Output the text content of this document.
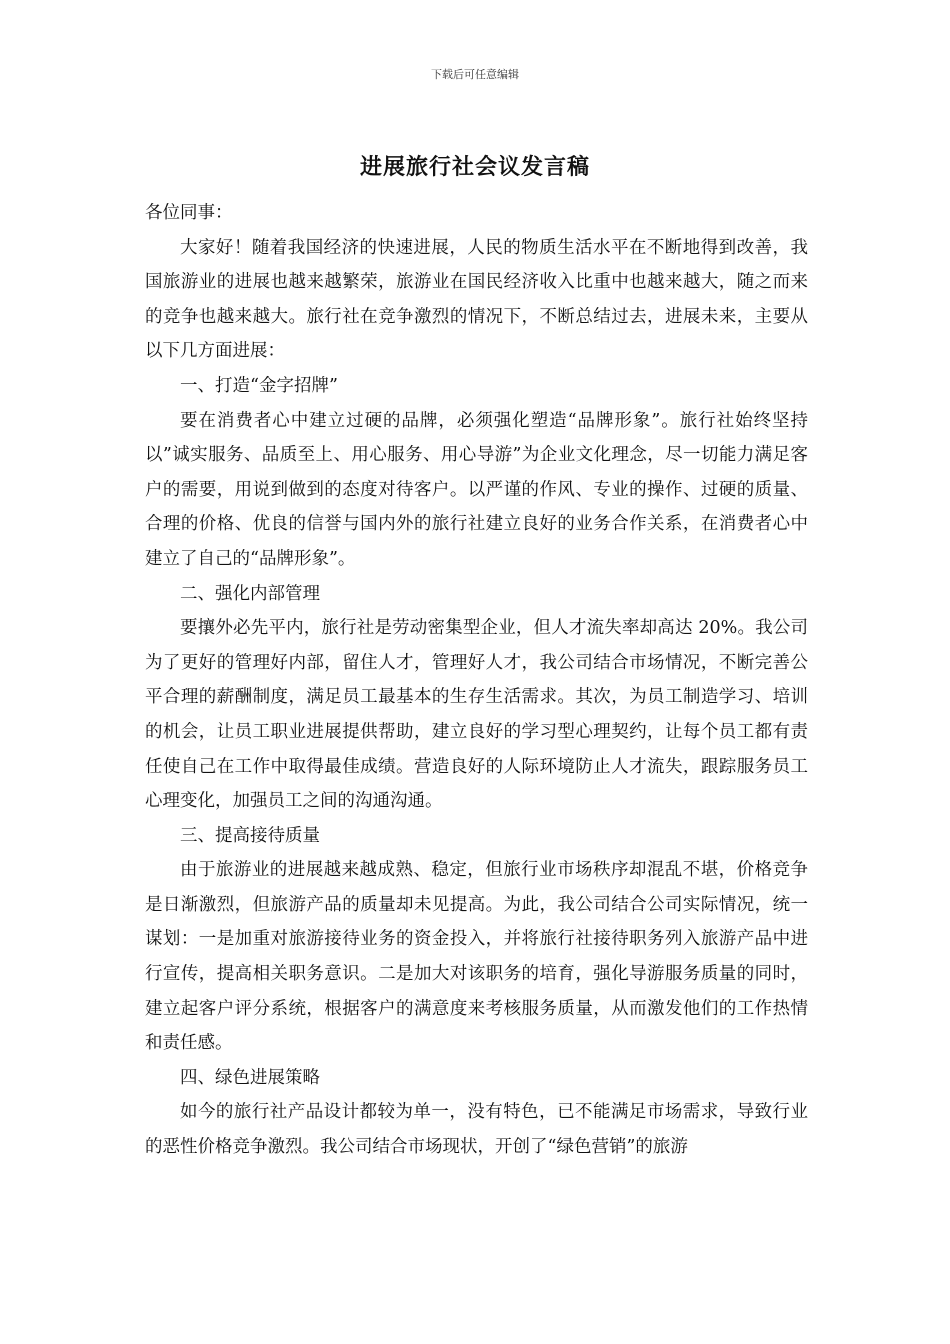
下载后可任意编辑
进展旅行社会议发言稿

各位同事：

大家好！随着我国经济的快速进展，人民的物质生活水平在不断地得到改善，我国旅游业的进展也越来越繁荣，旅游业在国民经济收入比重中也越来越大，随之而来的竞争也越来越大。旅行社在竞争激烈的情况下，不断总结过去，进展未来，主要从以下几方面进展：

一、打造“金字招牌”

要在消费者心中建立过硬的品牌，必须强化塑造“品牌形象”。旅行社始终坚持以”诚实服务、品质至上、用心服务、用心导游”为企业文化理念，尽一切能力满足客户的需要，用说到做到的态度对待客户。以严谨的作风、专业的操作、过硬的质量、合理的价格、优良的信誉与国内外的旅行社建立良好的业务合作关系，在消费者心中建立了自己的“品牌形象”。

二、强化内部管理

要攘外必先平内，旅行社是劳动密集型企业，但人才流失率却高达 20%。我公司为了更好的管理好内部，留住人才，管理好人才，我公司结合市场情况，不断完善公平合理的薪酬制度，满足员工最基本的生存生活需求。其次，为员工制造学习、培训的机会，让员工职业进展提供帮助，建立良好的学习型心理契约，让每个员工都有责任使自己在工作中取得最佳成绩。营造良好的人际环境防止人才流失，跟踪服务员工心理变化，加强员工之间的沟通沟通。

三、提高接待质量

由于旅游业的进展越来越成熟、稳定，但旅行业市场秩序却混乱不堪，价格竞争是日渐激烈，但旅游产品的质量却未见提高。为此，我公司结合公司实际情况，统一谋划：一是加重对旅游接待业务的资金投入，并将旅行社接待职务列入旅游产品中进行宣传，提高相关职务意识。二是加大对该职务的培育，强化导游服务质量的同时，建立起客户评分系统，根据客户的满意度来考核服务质量，从而激发他们的工作热情和责任感。

四、绿色进展策略

如今的旅行社产品设计都较为单一，没有特色，已不能满足市场需求，导致行业的恶性价格竞争激烈。我公司结合市场现状，开创了“绿色营销”的旅游
